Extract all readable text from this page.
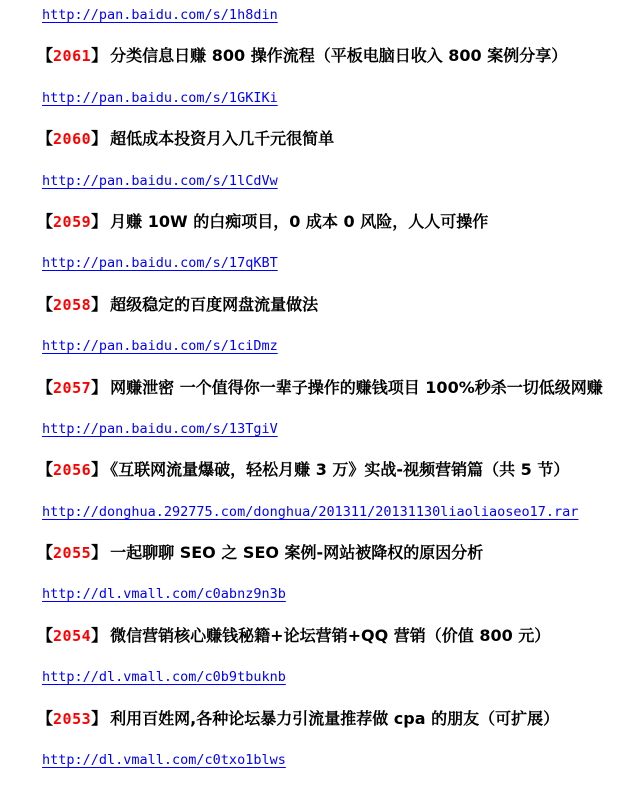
http://pan.baidu.com/s/1h8din
【2061】 分类信息日赚 800 操作流程（平板电脑日收入 800 案例分享）
http://pan.baidu.com/s/1GKIKi
【2060】 超低成本投资月入几千元很简单
http://pan.baidu.com/s/1lCdVw
【2059】 月赚 10W 的白痴项目，0 成本 0 风险，人人可操作
http://pan.baidu.com/s/17qKBT
【2058】 超级稳定的百度网盘流量做法
http://pan.baidu.com/s/1ciDmz
【2057】 网赚泄密 一个值得你一辈子操作的赚钱项目 100%秒杀一切低级网赚
http://pan.baidu.com/s/13TgiV
【2056】 《互联网流量爆破，轻松月赚 3 万》实战-视频营销篇（共 5 节）
http://donghua.292775.com/donghua/201311/20131130liaoliaoseo17.rar
【2055】 一起聊聊 SEO 之 SEO 案例-网站被降权的原因分析
http://dl.vmall.com/c0abnz9n3b
【2054】 微信营销核心赚钱秘籍+论坛营销+QQ 营销（价值 800 元）
http://dl.vmall.com/c0b9tbuknb
【2053】 利用百姓网,各种论坛暴力引流量推荐做 cpa 的朋友（可扩展）
http://dl.vmall.com/c0txo1blws
